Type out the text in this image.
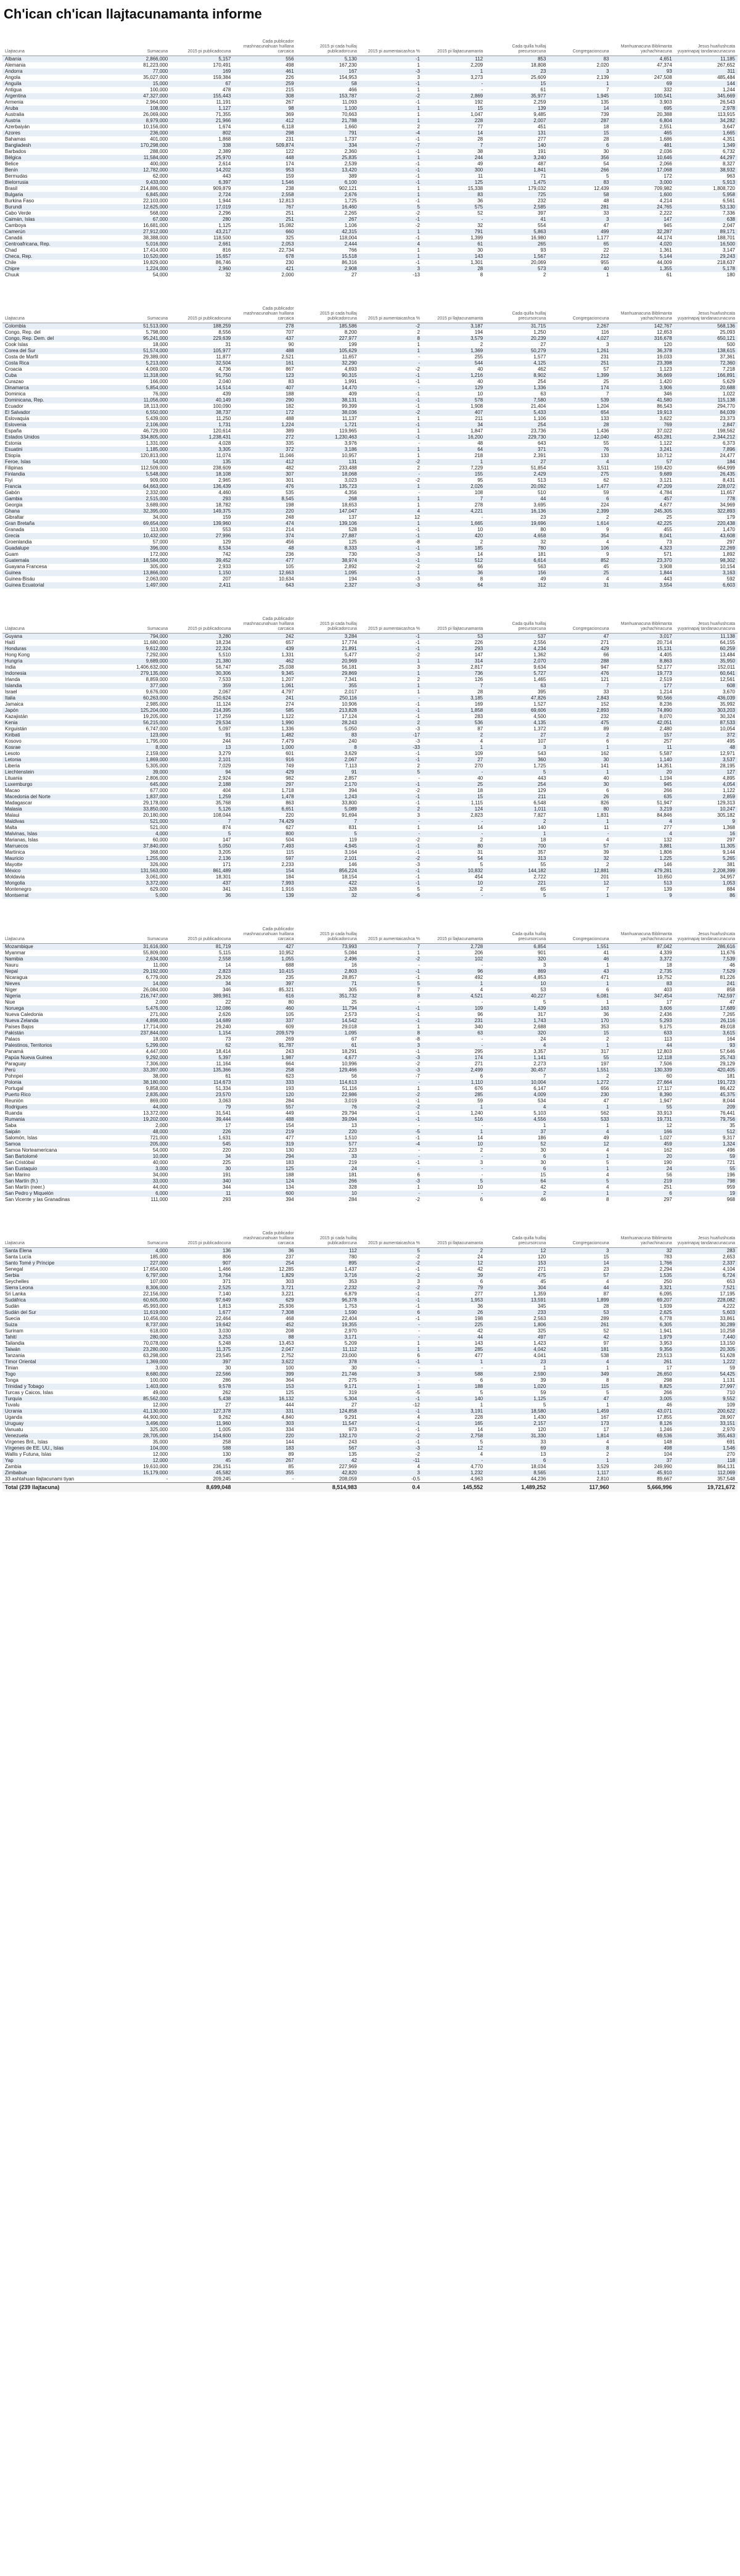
Ch'ican ch'ican llajtacunamanta informe
Llajtacuna	Sumacuna	2015 pi publicadocuna	Cada publicador mashnacunahuan huillana carcaica	2015 pi cada huillaj publicadorcuna	2015 pi aumentaicashca %	2015 pi llajtacunamanta	Cada quilla huillaj precursorcuna	Congregacioncuna	Manhuanacuna Biblimanta yachachinacuna	Jesus huañushcata yuyarinapaj tandanacunacuna
Albania	2,866,000	5,157	556	5,130	-1	112	853	83	4,651	11,185
Alemania	81,223,000	170,491	498	167,230	1	2,209	18,808	2,020	47,374	267,652
Andorra	77,000	169	461	167	-3	1	23	3	93	311
Angola	35,027,000	159,384	226	154,953	3	3,273	25,609	2,139	247,508	485,484
Anguila	15,000	67	259	58	-1	-	15	1	69	144
Antigua	100,000	478	215	466	1	-	61	7	332	1,244
Argentina	47,327,000	155,443	308	153,787	-2	2,869	35,977	1,945	100,541	345,669
Armenia	2,964,000	11,191	267	11,093	-1	192	2,259	135	3,903	26,543
Aruba	108,000	1,127	98	1,100	1	15	139	14	695	2,978
Australia	26,069,000	71,355	369	70,663	1	1,047	9,485	739	20,388	113,915
Austria	8,979,000	21,966	412	21,788	1	228	2,007	287	6,804	34,282
Azerbaiyán	10,156,000	1,674	6,118	1,660	2	77	451	18	2,551	3,647
Azores	236,000	802	298	791	-4	14	131	15	465	1,665
Bahamas	401,000	1,868	231	1,737	-1	28	277	28	1,686	4,351
Bangladesh	170,298,000	338	509,874	334	-7	7	140	6	481	1,349
Barbados	288,000	2,389	122	2,360	-1	38	191	30	2,036	6,732
Bélgica	11,584,000	25,970	448	25,835	1	244	3,240	356	10,646	44,297
Belice	400,000	2,614	174	2,539	-1	49	487	54	2,066	8,327
Benín	12,782,000	14,202	953	13,420	-1	300	1,841	266	17,068	38,932
Bermudas	62,000	443	159	389	-1	11	71	5	172	963
Bielorrusia	9,433,000	6,397	1,546	6,100	-1	125	1,475	83	3,000	5,913
Brasil	214,886,000	909,879	238	902,121	1	15,338	179,032	12,439	709,982	1,808,720
Bulgaria	6,845,000	2,724	2,558	2,676	1	83	725	58	1,600	5,958
Burkina Faso	22,103,000	1,944	12,813	1,725	-1	36	232	48	4,214	6,561
Burundi	12,625,000	17,019	767	16,460	5	575	2,585	281	24,765	53,130
Cabo Verde	568,000	2,296	251	2,265	-2	52	397	33	2,222	7,336
Caimán, Islas	67,000	280	251	267	-1	-	41	3	147	638
Camboya	16,681,000	1,125	15,082	1,106	-2	32	554	47	945	2,047
Camerún	27,912,000	43,217	660	42,315	1	791	5,863	499	32,287	89,171
Canadá	38,388,000	118,500	325	118,004	-1	1,399	16,980	1,177	44,174	188,701
Centroafricana, Rep.	5,016,000	2,661	2,053	2,444	4	61	265	65	4,020	16,500
Chad	17,414,000	816	22,734	766	1	30	93	22	1,361	3,147
Checa, Rep.	10,520,000	15,657	678	15,518	1	143	1,567	212	5,144	29,243
Chile	19,829,000	86,746	230	86,316	-1	1,301	20,069	955	44,009	218,637
Chipre	1,224,000	2,960	421	2,908	3	28	573	40	1,355	5,178
Chuuk	54,000	32	2,000	27	-13	8	2	1	61	180
Llajtacuna	Sumacuna	2015 pi publicadocuna	Cada publicador mashnacunahuan huillana carcaica	2015 pi cada huillaj publicadorcuna	2015 pi aumentaicashca %	2015 pi llajtacunamanta	Cada quilla huillaj precursorcuna	Congregacioncuna	Manhuanacuna Biblimanta yachachinacuna	Jesus huañushcata yuyarinapaj tandanacunacuna
Colombia	51,513,000	188,259	278	185,586	-2	3,187	31,715	2,267	142,767	568,136
Congo, Rep. del	5,798,000	8,556	707	8,200	2	194	1,250	116	12,653	25,093
Congo, Rep. Dem. del	95,241,000	229,639	437	227,977	8	3,579	20,239	4,027	316,678	650,121
Cook Islas	18,000	31	90	199	1	2	27	3	120	500
Corea del Sur	51,574,000	105,977	488	105,629	1	1,369	50,279	1,261	36,378	138,615
Costa de Marfil	29,389,000	11,877	2,521	11,657	-	255	1,577	231	19,033	37,361
Costa Rica	5,213,000	32,504	161	32,290	-	544	4,125	251	23,398	72,360
Croacia	4,069,000	4,736	867	4,693	-2	40	462	57	1,123	7,218
Cuba	11,318,000	91,750	123	90,315	-1	1,216	8,902	1,399	36,669	166,891
Curazao	166,000	2,040	83	1,991	-1	40	254	25	1,420	5,629
Dinamarca	5,854,000	14,514	407	14,470	-	129	1,336	174	3,906	20,688
Dominica	76,000	439	188	409	-1	10	63	7	346	1,022
Dominicana, Rep.	11,056,000	40,149	290	38,131	-1	578	7,580	539	41,580	115,138
Ecuador	18,113,000	100,090	182	99,399	-1	1,908	21,404	1,204	86,543	294,770
El Salvador	6,550,000	38,737	172	38,036	-2	407	5,433	654	19,913	84,039
Eslovaquia	5,439,000	11,250	488	11,137	1	211	1,106	133	3,622	23,373
Eslovenia	2,106,000	1,731	1,224	1,721	-1	34	254	28	769	2,847
España	46,729,000	120,614	389	119,965	1	1,847	23,736	1,436	37,022	198,562
Estados Unidos	334,805,000	1,238,431	272	1,230,463	-1	16,200	229,730	12,040	453,281	2,344,212
Estonia	1,331,000	4,028	335	3,976	-	48	643	55	1,122	6,373
Esuatini	1,185,000	3,305	372	3,186	1	64	371	76	3,241	7,896
Etiopía	120,813,000	11,074	11,046	10,957	1	218	2,391	133	10,712	24,477
Feroe, Islas	54,000	135	412	131	-2	1	27	4	57	184
Filipinas	112,509,000	238,609	482	233,488	2	7,229	51,854	3,511	159,420	664,999
Finlandia	5,548,000	18,108	307	18,068	-	155	2,429	275	9,689	26,435
Fiyi	909,000	2,965	301	3,023	-2	95	513	62	3,121	8,431
Francia	64,663,000	136,439	476	135,723	1	2,026	20,092	1,477	47,209	228,072
Gabón	2,332,000	4,460	535	4,356	-	108	510	59	4,784	11,657
Gambia	2,515,000	293	8,545	268	1	7	44	6	457	778
Georgia	3,689,000	18,782	198	18,653	1	278	3,695	224	4,677	34,969
Ghana	32,395,000	149,375	220	147,047	4	4,221	16,136	2,399	245,305	322,893
Gibraltar	34,000	159	248	137	12	-	23	2	25	179
Gran Bretaña	69,654,000	139,960	474	139,106	1	1,665	19,696	1,614	42,225	220,438
Granada	113,000	553	214	528	-1	10	80	9	455	1,470
Grecia	10,432,000	27,996	374	27,887	-1	420	4,658	354	8,041	43,608
Groenlandia	57,000	129	456	125	-8	2	32	4	73	297
Guadalupe	396,000	8,534	48	8,333	-1	185	780	106	4,323	22,269
Guam	172,000	742	236	730	-3	14	181	9	571	1,892
Guatemala	18,584,000	39,452	477	38,974	-1	512	6,614	852	23,370	98,302
Guayana Francesa	305,000	2,933	105	2,892	-2	66	563	45	3,908	10,154
Guinea	13,866,000	1,150	12,663	1,095	1	36	156	25	1,844	3,163
Guinea-Bisáu	2,063,000	207	10,634	194	-3	8	49	4	443	592
Guinea Ecuatorial	1,497,000	2,411	643	2,327	-3	64	312	31	3,554	6,603
Llajtacuna	Sumacuna	2015 pi publicadocuna	Cada publicador mashnacunahuan huillana carcaica	2015 pi cada huillaj publicadorcuna	2015 pi aumentaicashca %	2015 pi llajtacunamanta	Cada quilla huillaj precursorcuna	Congregacioncuna	Manhuanacuna Biblimanta yachachinacuna	Jesus huañushcata yuyarinapaj tandanacunacuna
Guyana	794,000	3,280	242	3,284	-1	53	537	47	3,017	11,138
Haití	11,680,000	18,234	657	17,774	-1	226	2,556	271	20,714	64,155
Honduras	9,612,000	22,324	439	21,891	-1	293	4,234	429	15,131	60,259
Hong Kong	7,292,000	5,510	1,331	5,477	-2	147	1,362	66	4,405	13,484
Hungría	9,689,000	21,380	462	20,969	1	314	2,070	288	8,863	35,950
India	1,406,632,000	56,747	25,038	56,181	3	2,817	9,634	947	52,177	152,011
Indonesia	279,135,000	30,306	9,345	29,869	1	736	5,727	476	19,773	60,641
Irlanda	8,859,000	7,533	1,207	7,341	2	126	1,465	121	2,519	12,561
Islandia	377,000	359	1,061	355	1	7	63	7	177	608
Israel	9,676,000	2,067	4,797	2,017	1	28	395	33	1,214	3,670
Italia	60,263,000	250,624	241	250,116	-	3,185	47,826	2,843	90,566	436,039
Jamaica	2,985,000	11,124	274	10,906	-1	169	1,527	152	8,236	35,992
Japón	125,204,000	214,395	585	213,828	-1	1,858	69,606	2,893	74,890	303,203
Kazajistán	19,205,000	17,259	1,122	17,124	-1	283	4,500	232	8,070	30,324
Kenia	56,215,000	29,534	1,990	28,243	2	536	4,135	475	42,051	87,533
Kirguistán	6,747,000	5,097	1,336	5,050	-3	87	1,372	89	2,480	10,054
Kiribati	123,000	91	1,482	83	-17	2	27	2	157	372
Kosovo	1,795,000	244	7,479	240	-3	4	107	6	257	495
Kosrae	8,000	13	1,000	8	-33	1	3	1	11	48
Lesoto	2,159,000	3,279	601	3,629	-1	109	543	162	5,587	12,971
Letonia	1,869,000	2,101	916	2,067	-1	27	360	30	1,140	3,537
Liberia	5,305,000	7,029	749	7,113	2	270	1,725	141	14,351	28,195
Liechtenstein	39,000	94	429	91	5	-	5	1	20	127
Lituania	2,806,000	2,924	982	2,857	-	40	443	40	1,194	4,895
Luxemburgo	645,000	2,188	297	2,170	-1	25	254	30	945	4,054
Macao	677,000	404	1,718	394	-2	18	129	6	266	1,122
Macedonia del Norte	1,837,000	1,259	1,478	1,243	-1	15	211	26	635	2,859
Madagascar	29,178,000	35,768	863	33,800	-1	1,115	6,548	826	51,947	129,313
Malasia	33,850,000	5,126	6,651	5,089	2	124	1,011	80	3,219	10,247
Malaui	20,180,000	108,044	220	91,694	3	2,823	7,827	1,831	84,846	305,182
Maldivas	521,000	7	74,429	7	-	-	2	1	4	9
Malta	521,000	874	627	831	1	14	140	11	277	1,368
Malvinas, Islas	4,000	5	800	5	-	-	1	-	4	16
Marianas, Islas	60,000	147	504	119	-2	2	18	4	132	297
Marruecos	37,840,000	5,050	7,493	4,945	-1	80	700	57	3,881	11,305
Martinica	368,000	3,205	115	3,164	-1	31	357	39	1,806	9,144
Mauricio	1,255,000	2,136	597	2,101	-2	54	313	32	1,225	5,265
Mayotte	326,000	171	2,233	146	-3	5	55	2	146	381
México	131,563,000	861,489	154	856,224	-1	10,832	144,182	12,881	479,281	2,208,399
Moldavia	3,061,000	18,301	184	18,154	-1	454	2,722	201	10,650	34,957
Mongolia	3,372,000	437	7,993	422	-1	10	221	12	513	1,053
Montenegro	629,000	341	1,916	328	5	2	65	7	139	884
Montserrat	5,000	36	139	32	-6	-	5	1	9	86
Llajtacuna	Sumacuna	2015 pi publicadocuna	Cada publicador mashnacunahuan huillana carcaica	2015 pi cada huillaj publicadorcuna	2015 pi aumentaicashca %	2015 pi llajtacunamanta	Cada quilla huillaj precursorcuna	Congregacioncuna	Manhuanacuna Biblimanta yachachinacuna	Jesus huañushcata yuyarinapaj tandanacunacuna
Mozambique	31,616,000	81,719	427	73,993	7	2,728	6,854	1,551	87,042	286,616
Myanmar	55,809,000	5,115	10,952	5,084	1	206	901	41	4,339	11,676
Namibia	2,634,000	2,558	1,055	2,496	-2	102	320	46	3,372	7,539
Nauru	11,000	14	688	16	-	-	3	1	18	46
Nepal	29,192,000	2,823	10,415	2,803	-1	96	869	43	2,735	7,529
Nicaragua	6,779,000	29,326	235	28,857	-1	492	4,853	471	19,752	81,226
Nieves	14,000	34	397	71	5	1	10	1	83	241
Níger	26,084,000	346	85,321	305	7	4	53	6	403	858
Nigeria	216,747,000	389,961	616	351,732	8	4,521	40,227	6,081	347,454	742,597
Niue	2,000	22	80	25	-	-	5	1	17	47
Noruega	5,476,000	12,086	460	11,794	-1	109	1,439	163	3,606	17,689
Nueva Caledonia	271,000	2,626	105	2,573	-1	96	317	36	2,436	7,265
Nueva Zelanda	4,898,000	14,689	337	14,542	-1	231	1,743	170	5,293	26,116
Países Bajos	17,714,000	29,240	609	29,018	1	340	2,688	353	9,175	49,018
Pakistán	237,844,000	1,154	209,579	1,095	8	63	320	15	633	3,615
Palaos	18,000	73	269	67	-8	-	24	2	113	164
Palestinos, Territorios	5,299,000	62	91,787	61	3	-	4	1	44	93
Panamá	4,447,000	18,414	243	18,291	-1	295	3,357	317	12,803	57,646
Papúa Nueva Guinea	9,292,000	5,397	1,987	4,677	-3	174	1,141	55	12,118	25,743
Paraguay	7,306,000	11,164	664	10,996	-2	271	2,273	197	7,506	29,129
Perú	33,397,000	135,366	258	129,466	-3	2,499	30,457	1,551	130,339	420,405
Pohnpei	38,000	61	623	56	-7	6	7	2	60	181
Polonia	38,180,000	114,673	333	114,613	-	1,110	10,004	1,272	27,664	191,723
Portugal	9,858,000	51,334	193	51,116	1	676	6,147	656	17,117	86,422
Puerto Rico	2,835,000	23,570	120	22,986	-2	285	4,009	230	8,390	45,375
Reunión	869,000	3,063	284	3,019	-1	59	534	47	1,947	8,044
Rodrigues	44,000	79	557	76	-2	1	4	1	55	209
Ruanda	13,372,000	31,541	449	29,794	-1	1,240	5,103	562	33,913	76,441
Rumania	19,202,000	39,444	488	39,094	-1	516	4,556	533	19,731	79,756
Saba	2,000	17	154	13	-	-	1	1	12	35
Saipán	48,000	226	219	220	-5	1	37	4	166	512
Salomón, Islas	721,000	1,631	477	1,510	-1	14	186	49	1,027	9,317
Samoa	205,000	545	319	577	-4	10	52	12	459	1,324
Samoa Norteamericana	54,000	220	130	223	-	2	30	4	162	496
San Bartolomé	10,000	34	294	33	-	-	6	1	20	59
San Cristóbal	40,000	225	183	219	-1	3	30	5	190	721
San Eustaquio	3,000	30	125	24	-	-	6	1	24	55
San Marino	34,000	191	188	181	6	-	15	4	56	196
San Martín (fr.)	33,000	340	124	266	-3	5	64	5	219	798
San Martín (neer.)	44,000	344	134	328	1	10	42	4	251	959
San Pedro y Miquelón	6,000	11	600	10	-	-	2	1	6	19
San Vicente y las Granadinas	111,000	293	394	284	-2	6	46	8	297	968
Llajtacuna	Sumacuna	2015 pi publicadocuna	Cada publicador mashnacunahuan huillana carcaica	2015 pi cada huillaj publicadorcuna	2015 pi aumentaicashca %	2015 pi llajtacunamanta	Cada quilla huillaj precursorcuna	Congregacioncuna	Manhuanacuna Biblimanta yachachinacuna	Jesus huañushcata yuyarinapaj tandanacunacuna
Santa Elena	4,000	136	36	112	5	2	12	3	32	283
Santa Lucía	185,000	806	237	780	-2	24	120	15	783	2,653
Santo Tomé y Príncipe	227,000	907	254	895	-2	12	153	14	1,766	2,337
Senegal	17,654,000	1,466	12,285	1,437	-1	42	271	23	2,294	4,104
Serbia	6,797,000	3,764	1,829	3,716	-2	39	475	57	1,535	6,724
Seychelles	107,000	371	303	353	3	6	45	4	250	653
Sierra Leona	8,306,000	2,525	3,721	2,232	-2	79	304	44	3,321	7,521
Sri Lanka	22,156,000	7,140	3,221	6,879	-1	277	1,359	87	6,095	17,195
Sudáfrica	60,605,000	97,649	629	96,378	-1	1,953	13,591	1,899	69,207	228,082
Sudán	45,993,000	1,813	25,936	1,753	-1	36	345	28	1,939	4,222
Sudán del Sur	11,619,000	1,677	7,308	1,590	6	26	233	53	2,625	5,603
Suecia	10,456,000	22,464	468	22,404	-1	198	2,563	289	6,778	33,861
Suiza	8,737,000	19,642	452	19,355	-	225	1,806	261	6,305	30,289
Surinam	618,000	3,030	208	2,970	-	42	325	52	1,941	10,258
Tahití	280,000	3,253	88	3,171	-	44	497	42	1,979	7,440
Tailandia	70,078,000	5,248	13,453	5,209	1	143	1,423	97	3,953	13,150
Taiwán	23,280,000	11,375	2,047	11,112	1	285	4,042	181	9,356	20,305
Tanzania	63,298,000	23,545	2,752	23,000	6	477	4,041	538	23,513	51,628
Timor Oriental	1,369,000	397	3,622	378	-1	1	23	4	261	1,222
Tinian	3,000	30	100	30	-	-	1	1	17	59
Togo	8,680,000	22,566	399	21,746	3	588	2,590	349	26,650	54,425
Tonga	100,000	286	364	275	-	6	39	8	298	1,131
Trinidad y Tobago	1,403,000	9,578	153	9,171	1	188	1,020	115	8,825	27,997
Turcas y Caicos, Islas	49,000	262	125	319	-5	5	59	5	266	710
Turquía	85,562,000	5,438	16,132	5,304	-1	140	1,125	47	3,005	9,552
Tuvalu	12,000	27	444	27	-12	1	5	1	46	109
Ucrania	41,130,000	127,378	331	124,858	-1	3,191	18,580	1,459	43,071	200,622
Uganda	44,900,000	9,262	4,840	9,291	4	228	1,430	167	17,855	28,907
Uruguay	3,496,000	11,960	303	11,547	-1	165	2,157	173	8,126	33,151
Vanuatu	325,000	1,005	334	973	-1	14	120	17	1,246	2,970
Venezuela	28,705,000	154,600	220	132,170	-2	2,758	31,330	1,814	69,536	355,463
Vírgenes Brit., Islas	35,000	258	144	243	-1	5	33	4	148	691
Vírgenes de EE. UU., Islas	104,000	588	183	567	-3	12	69	8	498	1,546
Wallis y Futuna, Islas	12,000	130	89	135	-2	4	13	2	104	270
Yap	12,000	45	267	42	-11	-	6	1	37	118
Zambia	19,610,000	236,151	85	227,969	4	4,770	18,034	3,529	249,990	864,131
Zimbabue	15,179,000	45,582	355	42,820	3	1,232	8,565	1,117	45,910	112,069
33 ashtahuan llajtacunami tiyan	-	209,245	-	208,059	-0.5	4,963	44,236	2,810	89,667	357,548
Total (239 llajtacuna)		8,699,048		8,514,983	0.4	145,552	1,489,252	117,960	5,666,996	19,721,672
